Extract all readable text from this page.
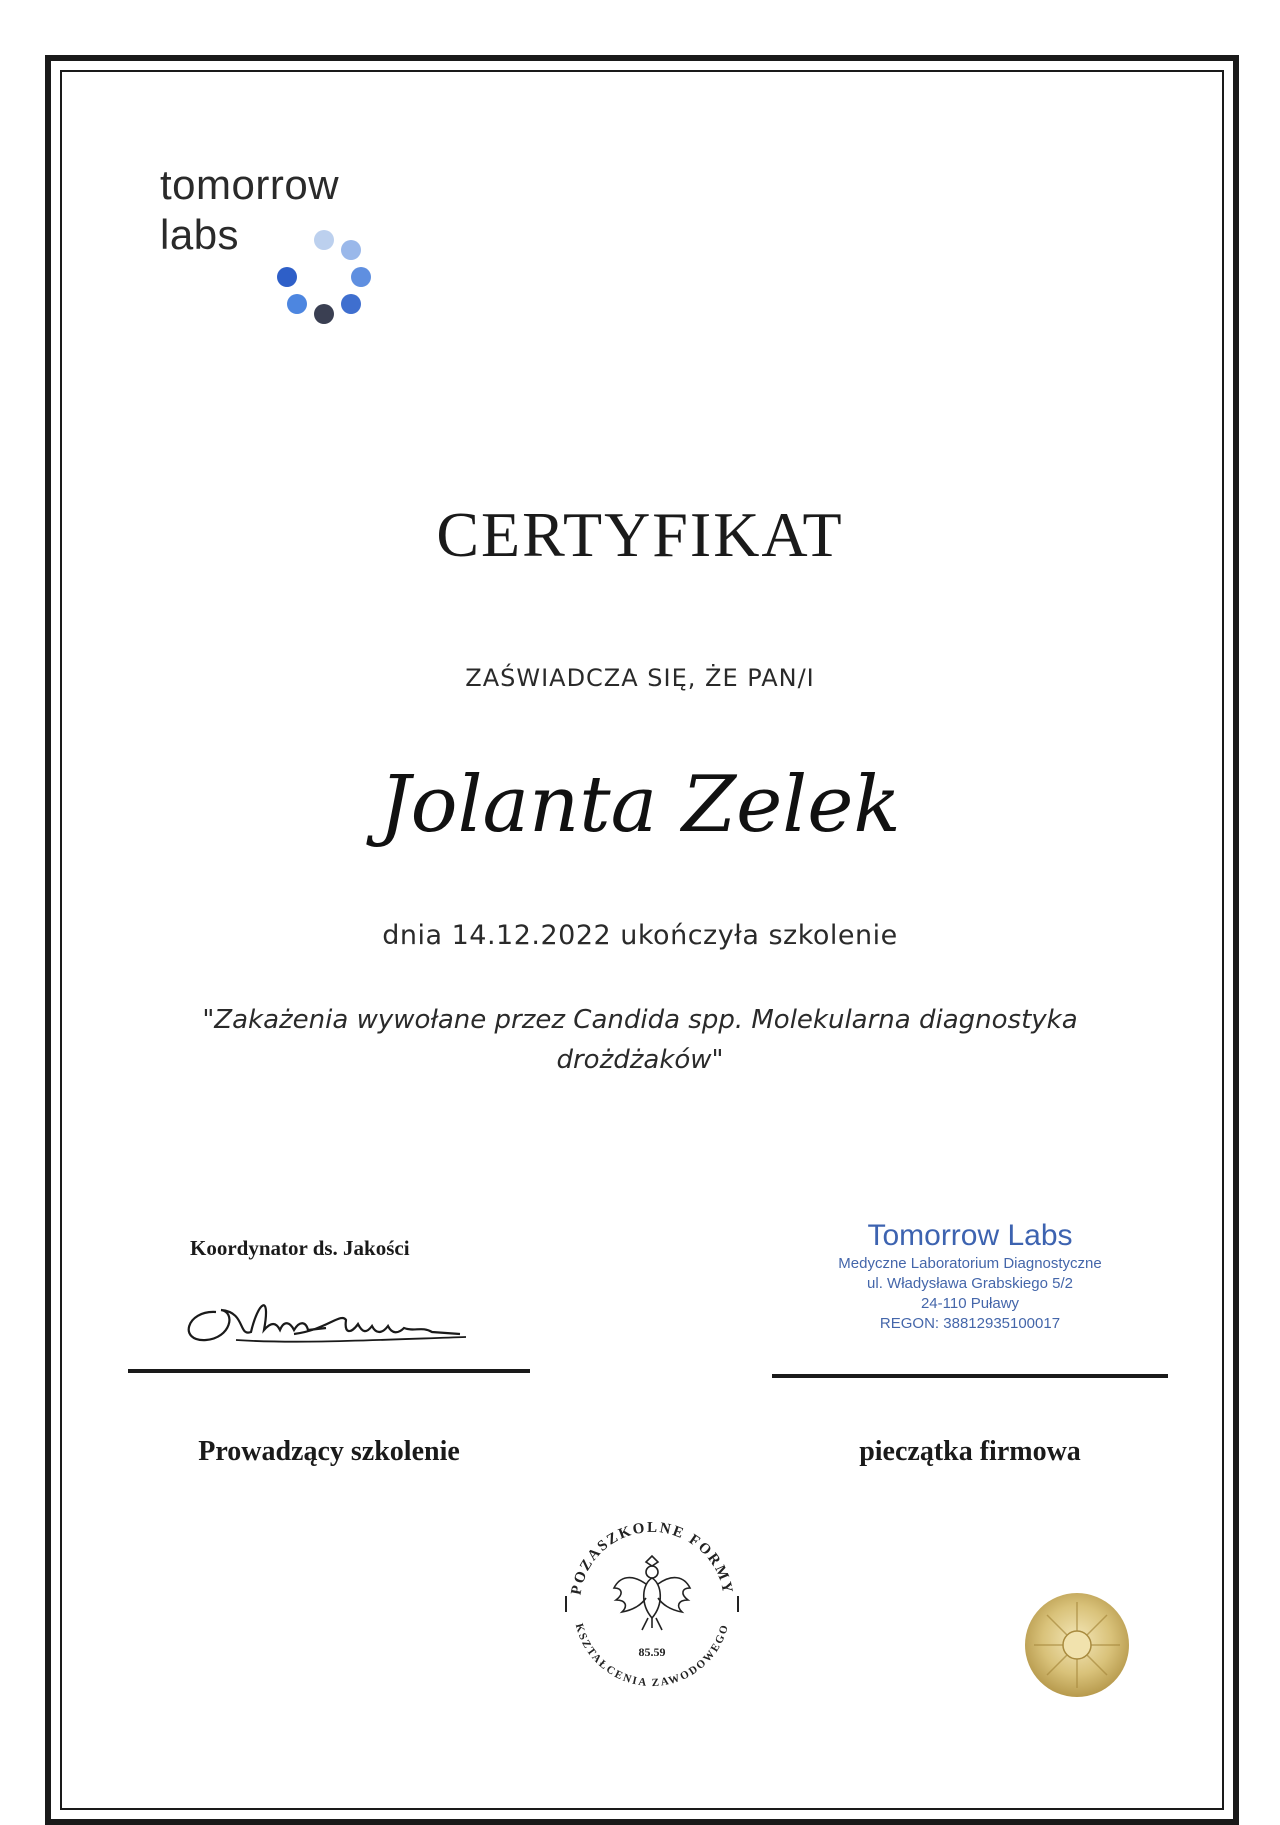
tomorrow
labs
CERTYFIKAT
ZAŚWIADCZA SIĘ, ŻE PAN/I
Jolanta Zelek
dnia 14.12.2022 ukończyła szkolenie
"Zakażenia wywołane przez Candida spp. Molekularna diagnostyka
drożdżaków"
Koordynator ds. Jakości	Tomorrow Labs
Medyczne Laboratorium Diagnostyczne
ul. Władysława Grabskiego 5/2
24-110 Puławy
REGON: 38812935100017
Prowadzący szkolenie	pieczątka firmowa
POZASZKOLNE FORMY
KSZTAŁCENIA ZAWODOWEGO
85.59
